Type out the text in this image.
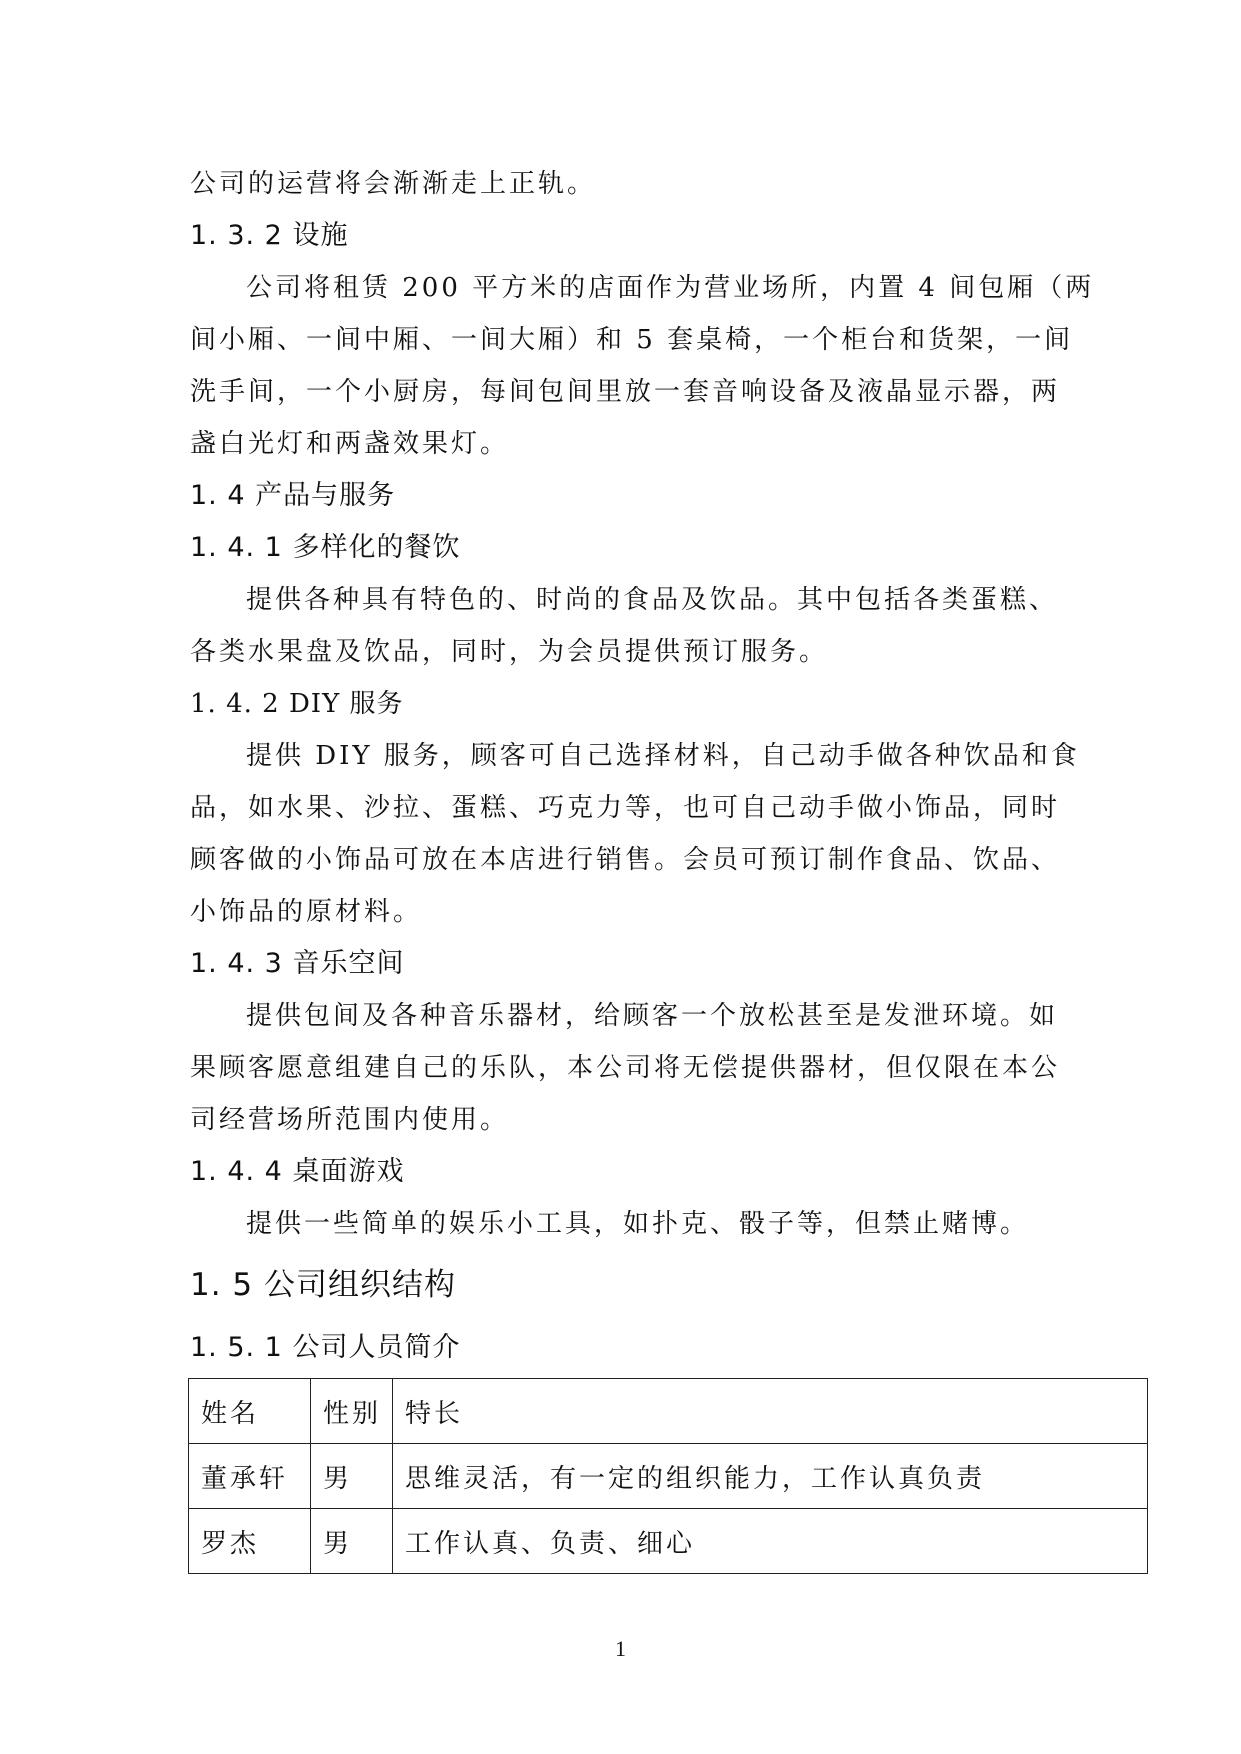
公司的运营将会渐渐走上正轨。
1. 3. 2 设施
公司将租赁 200 平方米的店面作为营业场所，内置 4 间包厢（两
间小厢、一间中厢、一间大厢）和 5 套桌椅，一个柜台和货架，一间
洗手间，一个小厨房，每间包间里放一套音响设备及液晶显示器，两
盏白光灯和两盏效果灯。
1. 4 产品与服务
1. 4. 1 多样化的餐饮
提供各种具有特色的、时尚的食品及饮品。其中包括各类蛋糕、
各类水果盘及饮品，同时，为会员提供预订服务。
1. 4. 2 DIY 服务
提供 DIY 服务，顾客可自己选择材料，自己动手做各种饮品和食
品，如水果、沙拉、蛋糕、巧克力等，也可自己动手做小饰品，同时
顾客做的小饰品可放在本店进行销售。会员可预订制作食品、饮品、
小饰品的原材料。
1. 4. 3 音乐空间
提供包间及各种音乐器材，给顾客一个放松甚至是发泄环境。如
果顾客愿意组建自己的乐队，本公司将无偿提供器材，但仅限在本公
司经营场所范围内使用。
1. 4. 4 桌面游戏
提供一些简单的娱乐小工具，如扑克、骰子等，但禁止赌博。
1. 5 公司组织结构
1. 5. 1 公司人员简介
姓名	性别	特长
董承轩	男	思维灵活，有一定的组织能力，工作认真负责
罗杰	男	工作认真、负责、细心
1
